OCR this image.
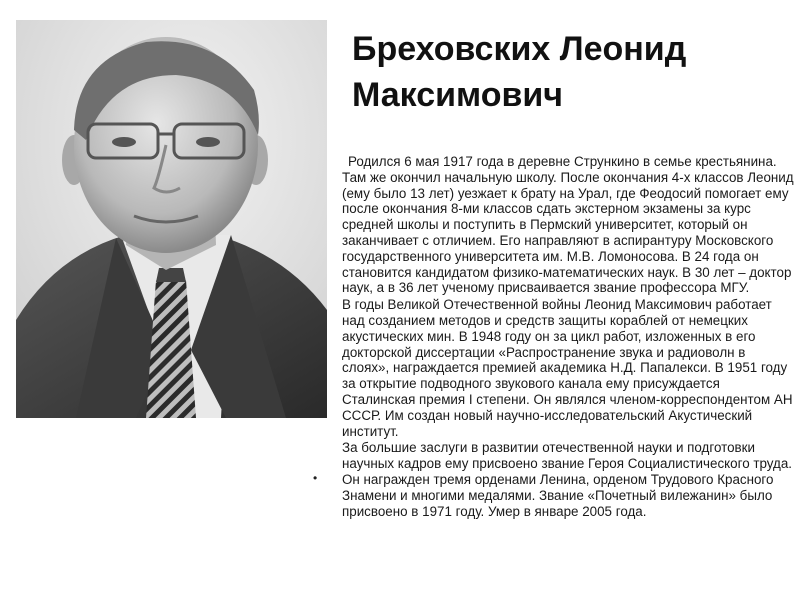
Бреховских Леонид
Максимович

Родился 6 мая 1917 года в деревне Стрункино в семье крестьянина. Там же окончил начальную школу. После окончания 4-х классов Леонид (ему было 13 лет) уезжает к брату на Урал, где Феодосий помогает ему после окончания 8-ми классов сдать экстерном экзамены за курс средней школы и поступить в Пермский университет, который он заканчивает с отличием. Его направляют в аспирантуру Московского государственного университета им. М.В. Ломоносова. В 24 года он становится кандидатом физико-математических наук. В 30 лет – доктор наук, а в 36 лет ученому присваивается звание профессора МГУ.

В годы Великой Отечественной войны Леонид Максимович работает над созданием методов и средств защиты кораблей от немецких акустических мин. В 1948 году он за цикл работ, изложенных в его докторской диссертации «Распространение звука и радиоволн в слоях», награждается премией академика Н.Д. Папалекси. В 1951 году за открытие подводного звукового канала ему присуждается Сталинская премия I степени. Он являлся членом-корреспондентом АН СССР. Им создан новый научно-исследовательский Акустический институт.

За большие заслуги в развитии отечественной науки и подготовки научных кадров ему присвоено звание Героя Социалистического труда. Он награжден тремя орденами Ленина, орденом Трудового Красного Знамени и многими медалями. Звание «Почетный вилежанин» было присвоено в 1971 году. Умер в январе 2005 года.

•
